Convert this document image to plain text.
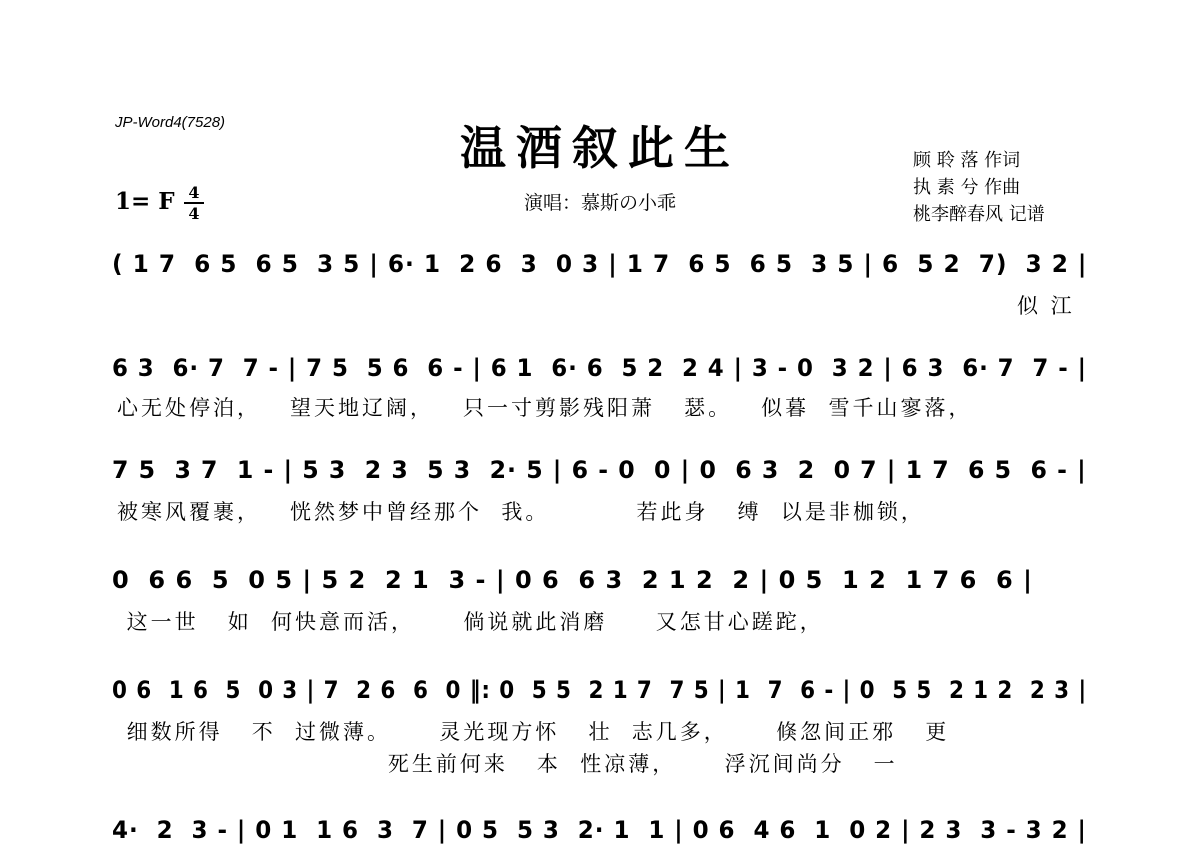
JP-Word4(7528)	温酒叙此生
1= F 4
4	演唱：慕斯の小乖
顾 聆 落 作词
执 素 兮 作曲
桃李醉春风 记谱
( 1 7  6 5  6 5  3 5 | 6· 1  2 6  3  0 3 | 1 7  6 5  6 5  3 5 | 6  5 2  7)  3 2 |
似 江
6 3  6· 7  7 - | 7 5  5 6  6 - | 6 1  6· 6  5 2  2 4 | 3 - 0  3 2 | 6 3  6· 7  7 - |
心无处停泊，   望天地辽阔，   只一寸剪影残阳萧   瑟。   似暮  雪千山寥落，
7 5  3 7  1 - | 5 3  2 3  5 3  2· 5 | 6 - 0  0 | 0  6 3  2  0 7 | 1 7  6 5  6 - |
被寒风覆裹，   恍然梦中曾经那个  我。         若此身   缚  以是非枷锁，
0  6 6  5  0 5 | 5 2  2 1  3 - | 0 6  6 3  2 1 2  2 | 0 5  1 2  1 7 6  6 |
这一世   如  何快意而活，     倘说就此消磨     又怎甘心蹉跎，
0 6  1 6  5  0 3 | 7  2 6  6  0 ‖: 0  5 5  2 1 7  7 5 | 1  7  6 - | 0  5 5  2 1 2  2 3 |
细数所得   不  过微薄。     灵光现方怀   壮  志几多，     倏忽间正邪   更
死生前何来   本  性凉薄，     浮沉间尚分   一
4·  2  3 - | 0 1  1 6  3  7 | 0 5  5 3  2· 1  1 | 0 6  4 6  1  0 2 | 2 3  3 - 3 2 |
